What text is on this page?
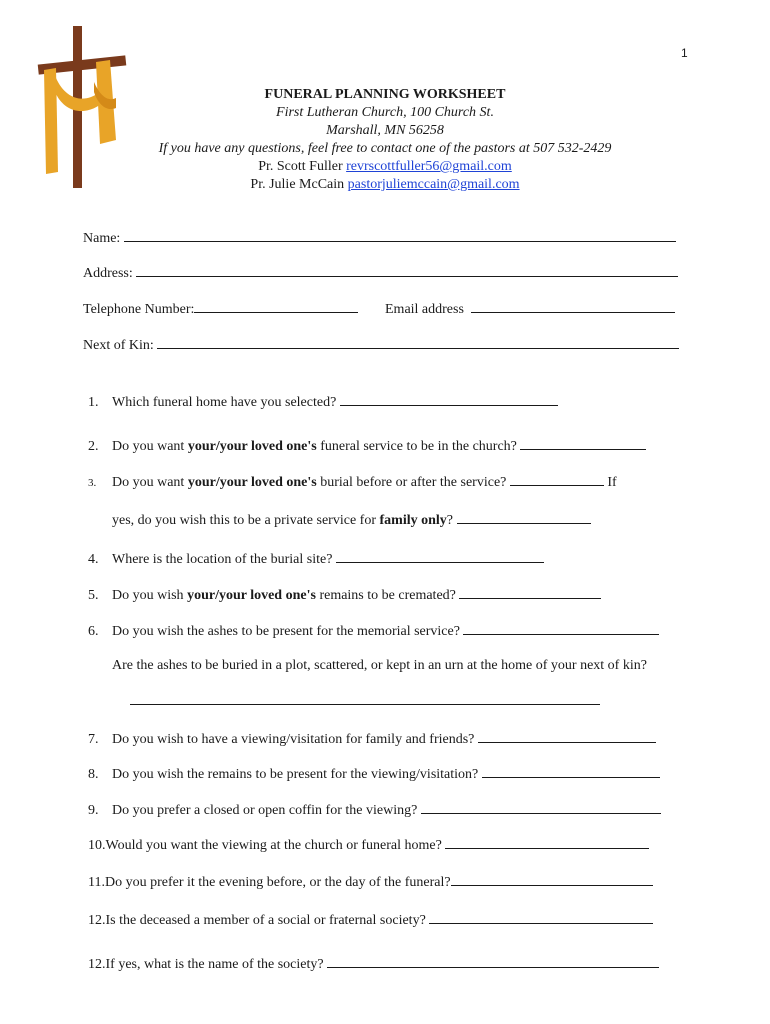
1
FUNERAL PLANNING WORKSHEET
First Lutheran Church, 100 Church St.
Marshall, MN 56258
If you have any questions, feel free to contact one of the pastors at 507 532-2429
Pr. Scott Fuller revrscottfuller56@gmail.com
Pr. Julie McCain pastorjuliemccain@gmail.com
Name:
Address:
Telephone Number:	Email address
Next of Kin:
1. Which funeral home have you selected?
2. Do you want your/your loved one's funeral service to be in the church?
3. Do you want your/your loved one's burial before or after the service?	If
yes, do you wish this to be a private service for family only?
4. Where is the location of the burial site?
5. Do you wish your/your loved one's remains to be cremated?
6. Do you wish the ashes to be present for the memorial service?
Are the ashes to be buried in a plot, scattered, or kept in an urn at the home of your next of kin?
7. Do you wish to have a viewing/visitation for family and friends?
8. Do you wish the remains to be present for the viewing/visitation?
9. Do you prefer a closed or open coffin for the viewing?
10.Would you want the viewing at the church or funeral home?
11.Do you prefer it the evening before, or the day of the funeral?
12.Is the deceased a member of a social or fraternal society?
12.If yes, what is the name of the society?
